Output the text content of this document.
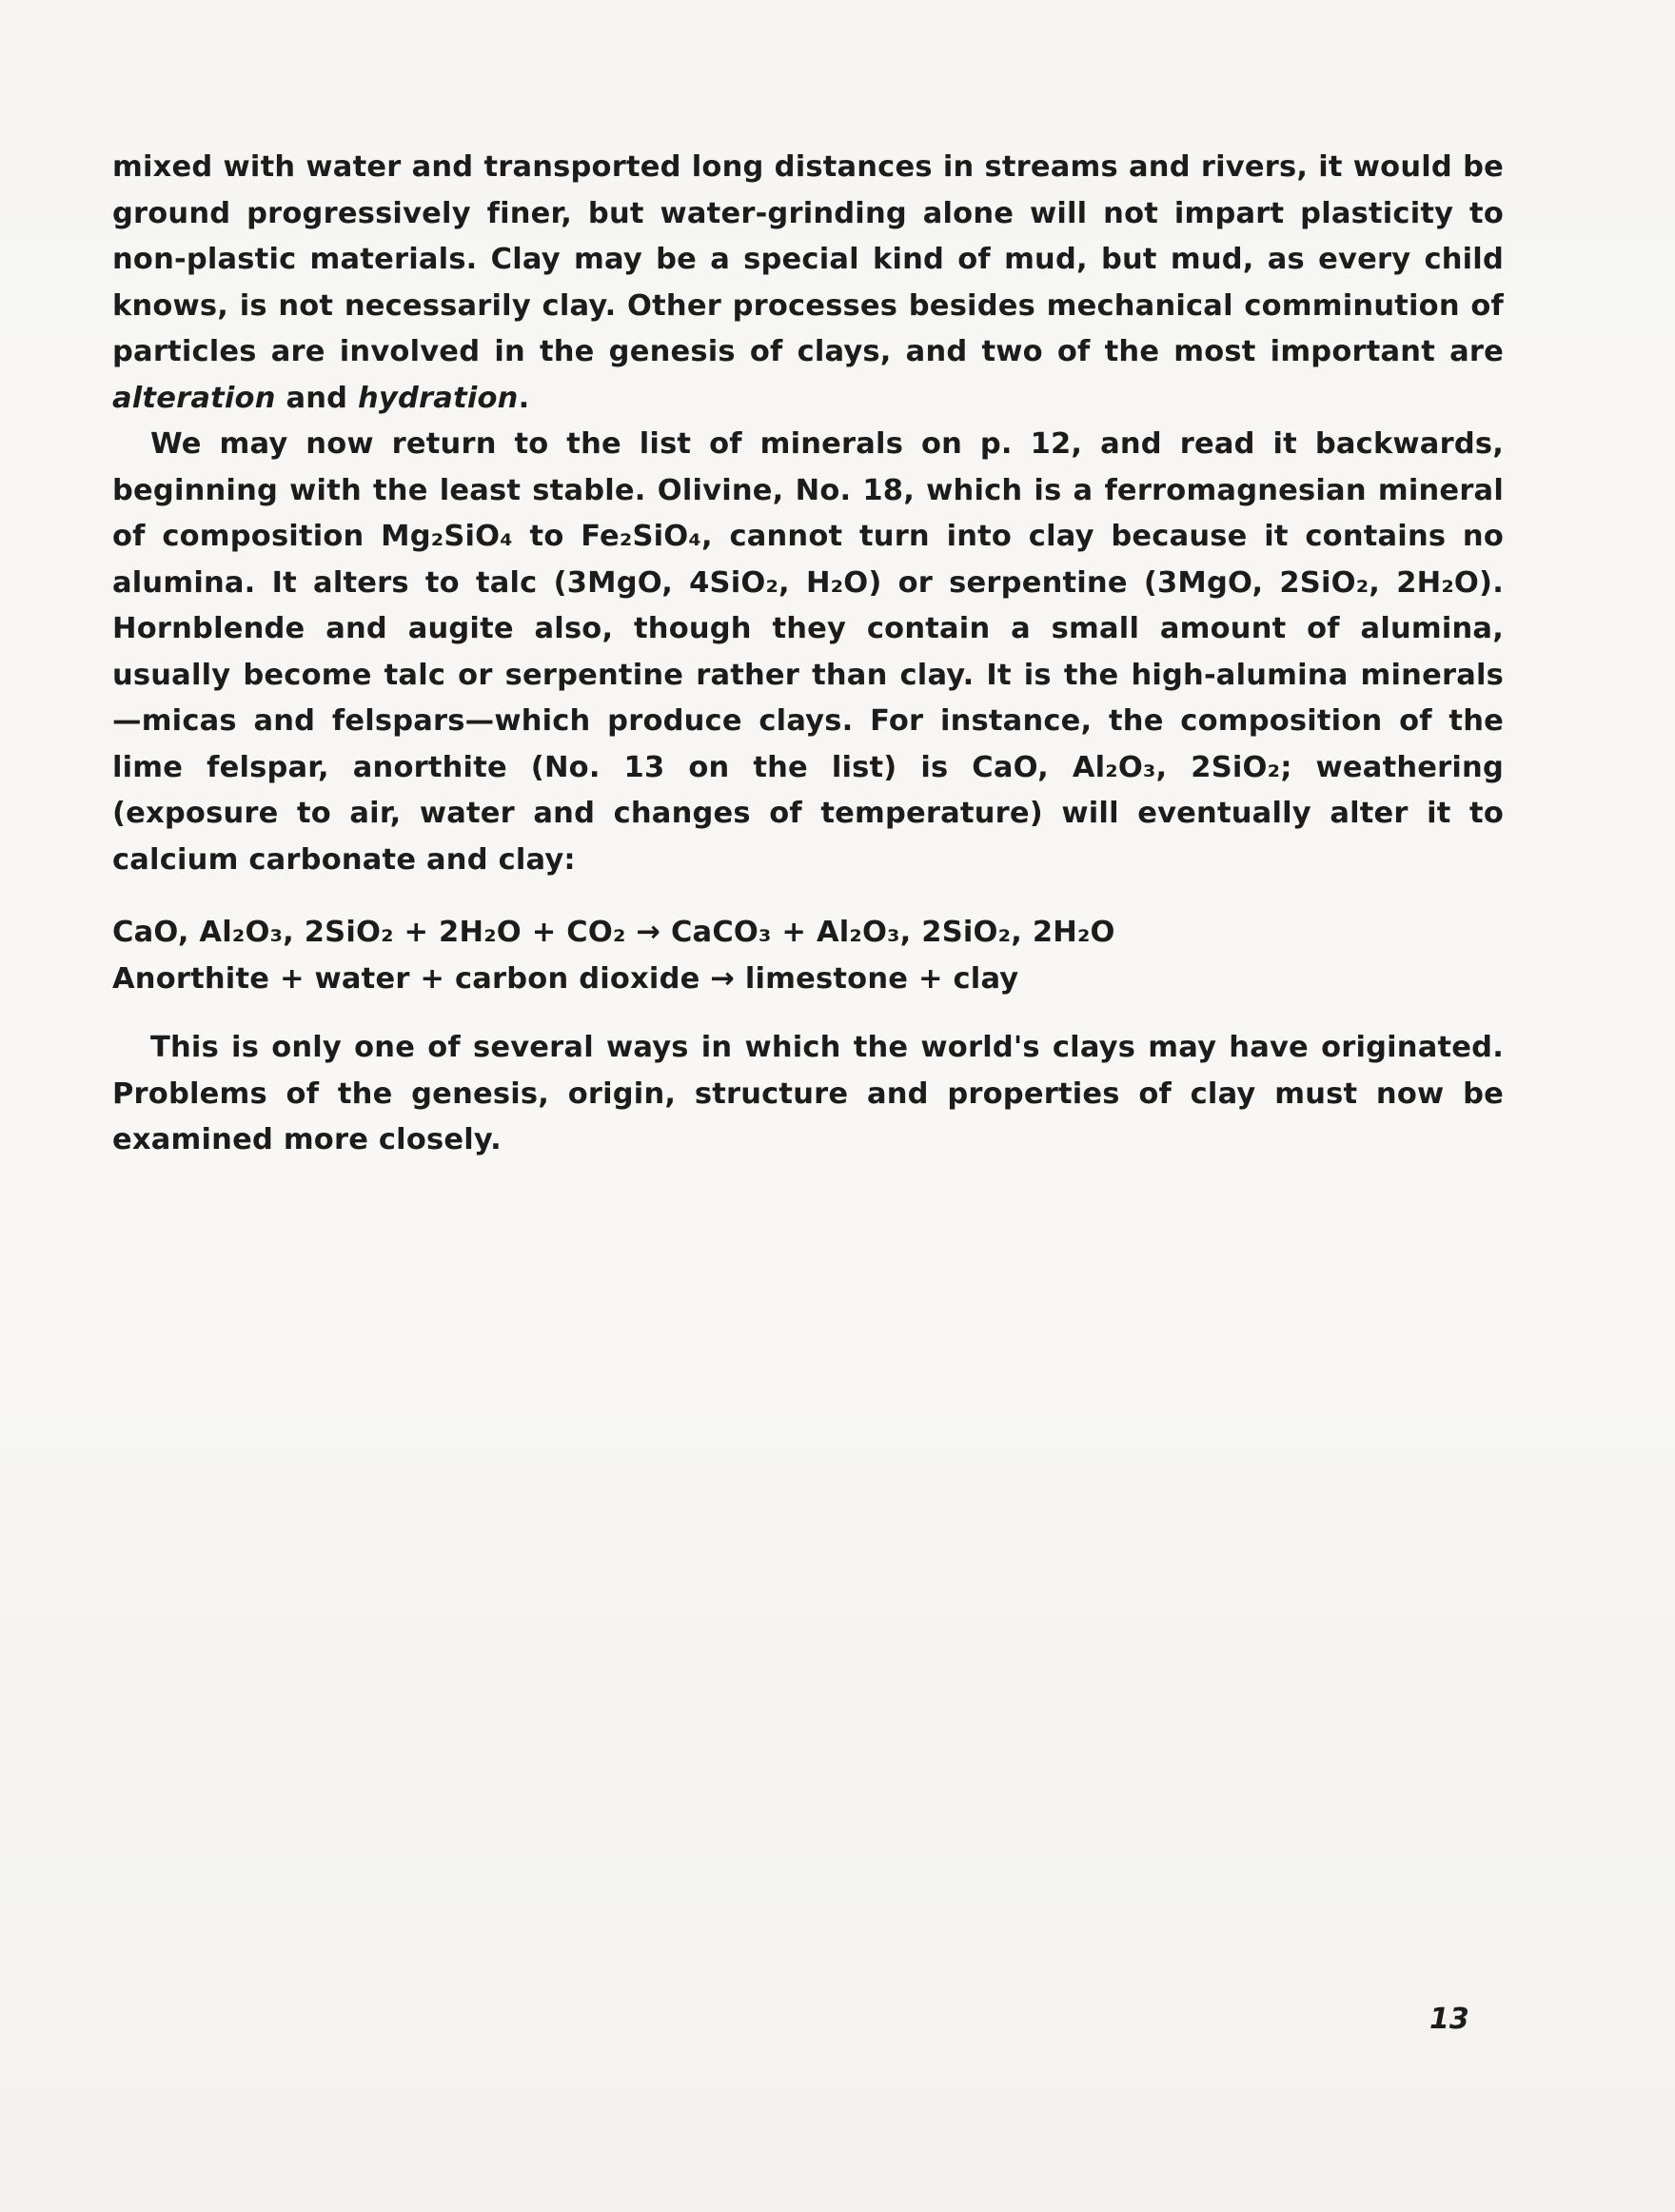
mixed with water and transported long distances in streams and rivers, it would be ground progressively finer, but water-grinding alone will not impart plasticity to non-plastic materials. Clay may be a special kind of mud, but mud, as every child knows, is not necessarily clay. Other processes besides mechanical comminution of particles are involved in the genesis of clays, and two of the most important are alteration and hydration.

We may now return to the list of minerals on p. 12, and read it backwards, beginning with the least stable. Olivine, No. 18, which is a ferromagnesian mineral of composition Mg₂SiO₄ to Fe₂SiO₄, cannot turn into clay because it contains no alumina. It alters to talc (3MgO, 4SiO₂, H₂O) or serpentine (3MgO, 2SiO₂, 2H₂O). Hornblende and augite also, though they contain a small amount of alumina, usually become talc or serpentine rather than clay. It is the high-alumina minerals—micas and felspars—which produce clays. For instance, the composition of the lime felspar, anorthite (No. 13 on the list) is CaO, Al₂O₃, 2SiO₂; weathering (exposure to air, water and changes of temperature) will eventually alter it to calcium carbonate and clay:

CaO, Al₂O₃, 2SiO₂ + 2H₂O + CO₂ → CaCO₃ + Al₂O₃, 2SiO₂, 2H₂O
Anorthite + water + carbon dioxide → limestone + clay

This is only one of several ways in which the world's clays may have originated. Problems of the genesis, origin, structure and properties of clay must now be examined more closely.

13
